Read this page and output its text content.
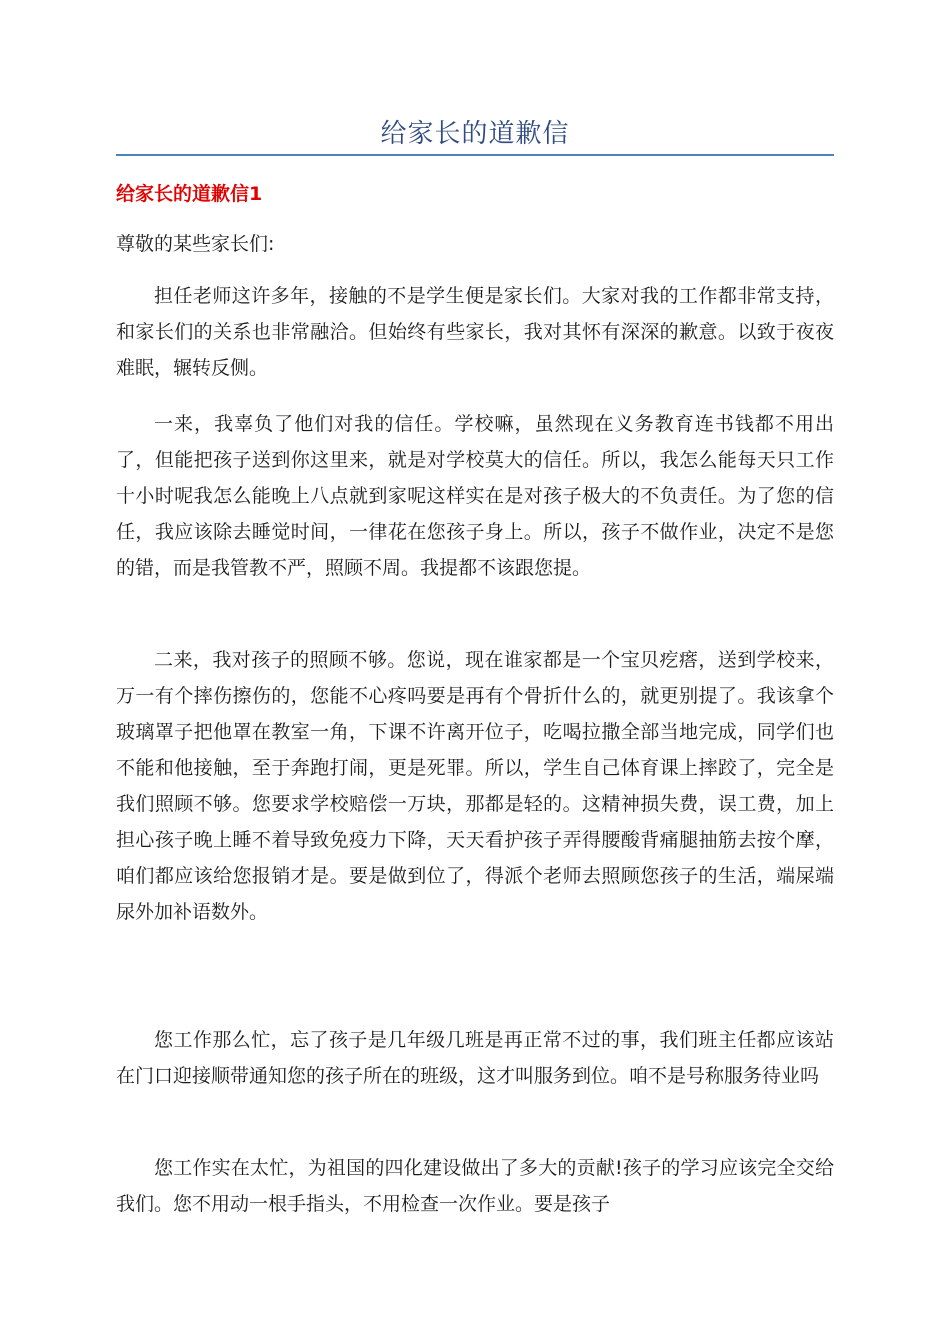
给家长的道歉信
给家长的道歉信1

尊敬的某些家长们:

担任老师这许多年，接触的不是学生便是家长们。大家对我的工作都非常支持，和家长们的关系也非常融洽。但始终有些家长，我对其怀有深深的歉意。以致于夜夜难眠，辗转反侧。

一来，我辜负了他们对我的信任。学校嘛，虽然现在义务教育连书钱都不用出了，但能把孩子送到你这里来，就是对学校莫大的信任。所以，我怎么能每天只工作十小时呢我怎么能晚上八点就到家呢这样实在是对孩子极大的不负责任。为了您的信任，我应该除去睡觉时间，一律花在您孩子身上。所以，孩子不做作业，决定不是您的错，而是我管教不严，照顾不周。我提都不该跟您提。

二来，我对孩子的照顾不够。您说，现在谁家都是一个宝贝疙瘩，送到学校来，万一有个摔伤擦伤的，您能不心疼吗要是再有个骨折什么的，就更别提了。我该拿个玻璃罩子把他罩在教室一角，下课不许离开位子，吃喝拉撒全部当地完成，同学们也不能和他接触，至于奔跑打闹，更是死罪。所以，学生自己体育课上摔跤了，完全是我们照顾不够。您要求学校赔偿一万块，那都是轻的。这精神损失费，误工费，加上担心孩子晚上睡不着导致免疫力下降，天天看护孩子弄得腰酸背痛腿抽筋去按个摩，咱们都应该给您报销才是。要是做到位了，得派个老师去照顾您孩子的生活，端屎端尿外加补语数外。

您工作那么忙，忘了孩子是几年级几班是再正常不过的事，我们班主任都应该站在门口迎接顺带通知您的孩子所在的班级，这才叫服务到位。咱不是号称服务待业吗

您工作实在太忙，为祖国的四化建设做出了多大的贡献!孩子的学习应该完全交给我们。您不用动一根手指头，不用检查一次作业。要是孩子
